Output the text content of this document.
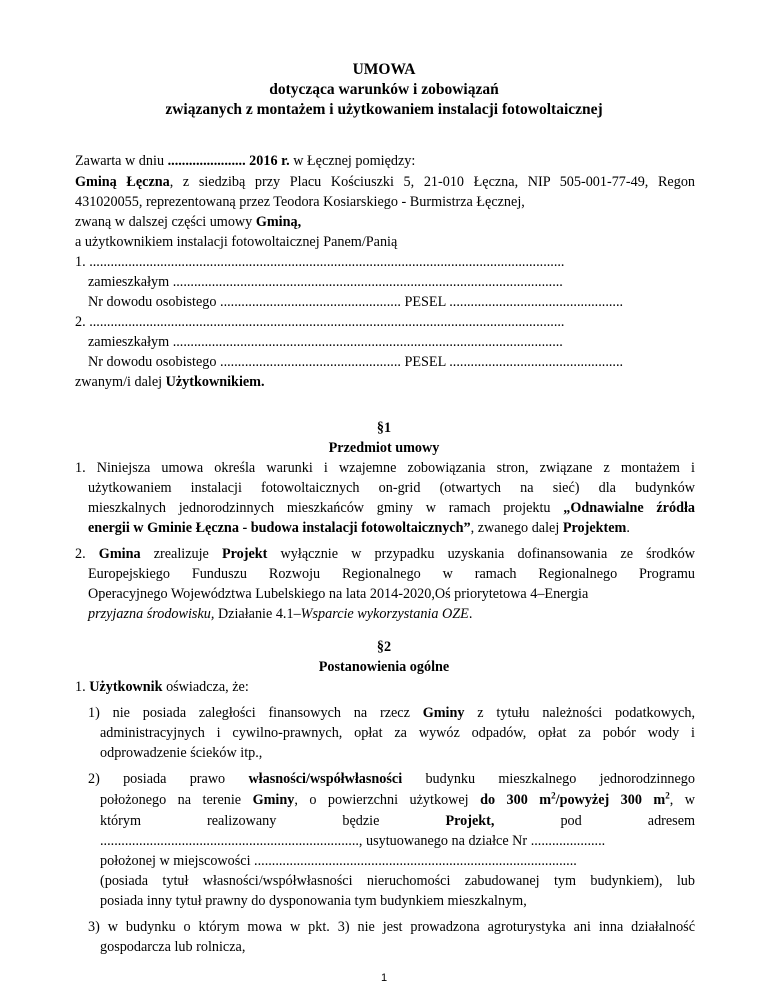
UMOWA
dotycząca warunków i zobowiązań
związanych z montażem i użytkowaniem instalacji fotowoltaicznej
Zawarta w dniu ...................... 2016 r. w Łęcznej pomiędzy:
Gminą Łęczna, z siedzibą przy Placu Kościuszki 5, 21-010 Łęczna, NIP 505-001-77-49, Regon
431020055, reprezentowaną przez Teodora Kosiarskiego - Burmistrza Łęcznej,
zwaną w dalszej części umowy Gminą,
a użytkownikiem instalacji fotowoltaicznej Panem/Panią
1. ......................................................................................................................................
zamieszkałym ..............................................................................................................
Nr dowodu osobistego ................................................... PESEL .................................................
2. ......................................................................................................................................
zamieszkałym ..............................................................................................................
Nr dowodu osobistego ................................................... PESEL .................................................
zwanym/i dalej Użytkownikiem.
§1
Przedmiot umowy
1. Niniejsza umowa określa warunki i wzajemne zobowiązania stron, związane z montażem i
użytkowaniem instalacji fotowoltaicznych on-grid (otwartych na sieć) dla budynków
mieszkalnych jednorodzinnych mieszkańców gminy w ramach projektu „Odnawialne źródła
energii w Gminie Łęczna - budowa instalacji fotowoltaicznych”, zwanego dalej Projektem.
2. Gmina zrealizuje Projekt wyłącznie w przypadku uzyskania dofinansowania ze środków
Europejskiego Funduszu Rozwoju Regionalnego w ramach Regionalnego Programu
Operacyjnego Województwa Lubelskiego na lata 2014-2020,Oś priorytetowa 4–Energia
przyjazna środowisku, Działanie 4.1–Wsparcie wykorzystania OZE.
§2
Postanowienia ogólne
1. Użytkownik oświadcza, że:
1) nie posiada zaległości finansowych na rzecz Gminy z tytułu należności podatkowych,
administracyjnych i cywilno-prawnych, opłat za wywóz odpadów, opłat za pobór wody i
odprowadzenie ścieków itp.,
2) posiada prawo własności/współwłasności budynku mieszkalnego jednorodzinnego
położonego na terenie Gminy, o powierzchni użytkowej do 300 $m^2$/powyżej 300 $m^2$, w
którym	realizowany	będzie	Projekt,	pod	adresem
........................................................................., usytuowanego na działce Nr .....................
położonej w miejscowości ...........................................................................................
(posiada tytuł własności/współwłasności nieruchomości zabudowanej tym budynkiem), lub
posiada inny tytuł prawny do dysponowania tym budynkiem mieszkalnym,
3) w budynku o którym mowa w pkt. 3) nie jest prowadzona agroturystyka ani inna działalność
gospodarcza lub rolnicza,
1
